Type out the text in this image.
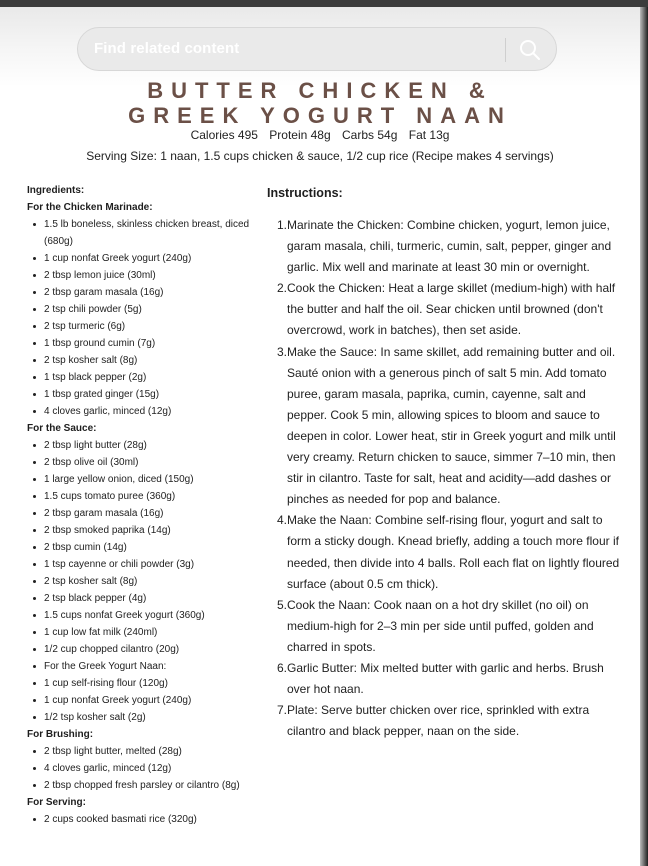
Find related content
BUTTER CHICKEN &
GREEK YOGURT NAAN
Calories 495 Protein 48g Carbs 54g Fat 13g
Serving Size: 1 naan, 1.5 cups chicken & sauce, 1/2 cup rice (Recipe makes 4 servings)
Ingredients:
For the Chicken Marinade:
1.5 lb boneless, skinless chicken breast, diced (680g)
1 cup nonfat Greek yogurt (240g)
2 tbsp lemon juice (30ml)
2 tbsp garam masala (16g)
2 tsp chili powder (5g)
2 tsp turmeric (6g)
1 tbsp ground cumin (7g)
2 tsp kosher salt (8g)
1 tsp black pepper (2g)
1 tbsp grated ginger (15g)
4 cloves garlic, minced (12g)
For the Sauce:
2 tbsp light butter (28g)
2 tbsp olive oil (30ml)
1 large yellow onion, diced (150g)
1.5 cups tomato puree (360g)
2 tbsp garam masala (16g)
2 tbsp smoked paprika (14g)
2 tbsp cumin (14g)
1 tsp cayenne or chili powder (3g)
2 tsp kosher salt (8g)
2 tsp black pepper (4g)
1.5 cups nonfat Greek yogurt (360g)
1 cup low fat milk (240ml)
1/2 cup chopped cilantro (20g)
For the Greek Yogurt Naan:
1 cup self-rising flour (120g)
1 cup nonfat Greek yogurt (240g)
1/2 tsp kosher salt (2g)
For Brushing:
2 tbsp light butter, melted (28g)
4 cloves garlic, minced (12g)
2 tbsp chopped fresh parsley or cilantro (8g)
For Serving:
2 cups cooked basmati rice (320g)
Instructions:
1. Marinate the Chicken: Combine chicken, yogurt, lemon juice, garam masala, chili, turmeric, cumin, salt, pepper, ginger and garlic. Mix well and marinate at least 30 min or overnight.
2. Cook the Chicken: Heat a large skillet (medium-high) with half the butter and half the oil. Sear chicken until browned (don't overcrowd, work in batches), then set aside.
3. Make the Sauce: In same skillet, add remaining butter and oil. Sauté onion with a generous pinch of salt 5 min. Add tomato puree, garam masala, paprika, cumin, cayenne, salt and pepper. Cook 5 min, allowing spices to bloom and sauce to deepen in color. Lower heat, stir in Greek yogurt and milk until very creamy. Return chicken to sauce, simmer 7–10 min, then stir in cilantro. Taste for salt, heat and acidity—add dashes or pinches as needed for pop and balance.
4. Make the Naan: Combine self-rising flour, yogurt and salt to form a sticky dough. Knead briefly, adding a touch more flour if needed, then divide into 4 balls. Roll each flat on lightly floured surface (about 0.5 cm thick).
5. Cook the Naan: Cook naan on a hot dry skillet (no oil) on medium-high for 2–3 min per side until puffed, golden and charred in spots.
6. Garlic Butter: Mix melted butter with garlic and herbs. Brush over hot naan.
7. Plate: Serve butter chicken over rice, sprinkled with extra cilantro and black pepper, naan on the side.
